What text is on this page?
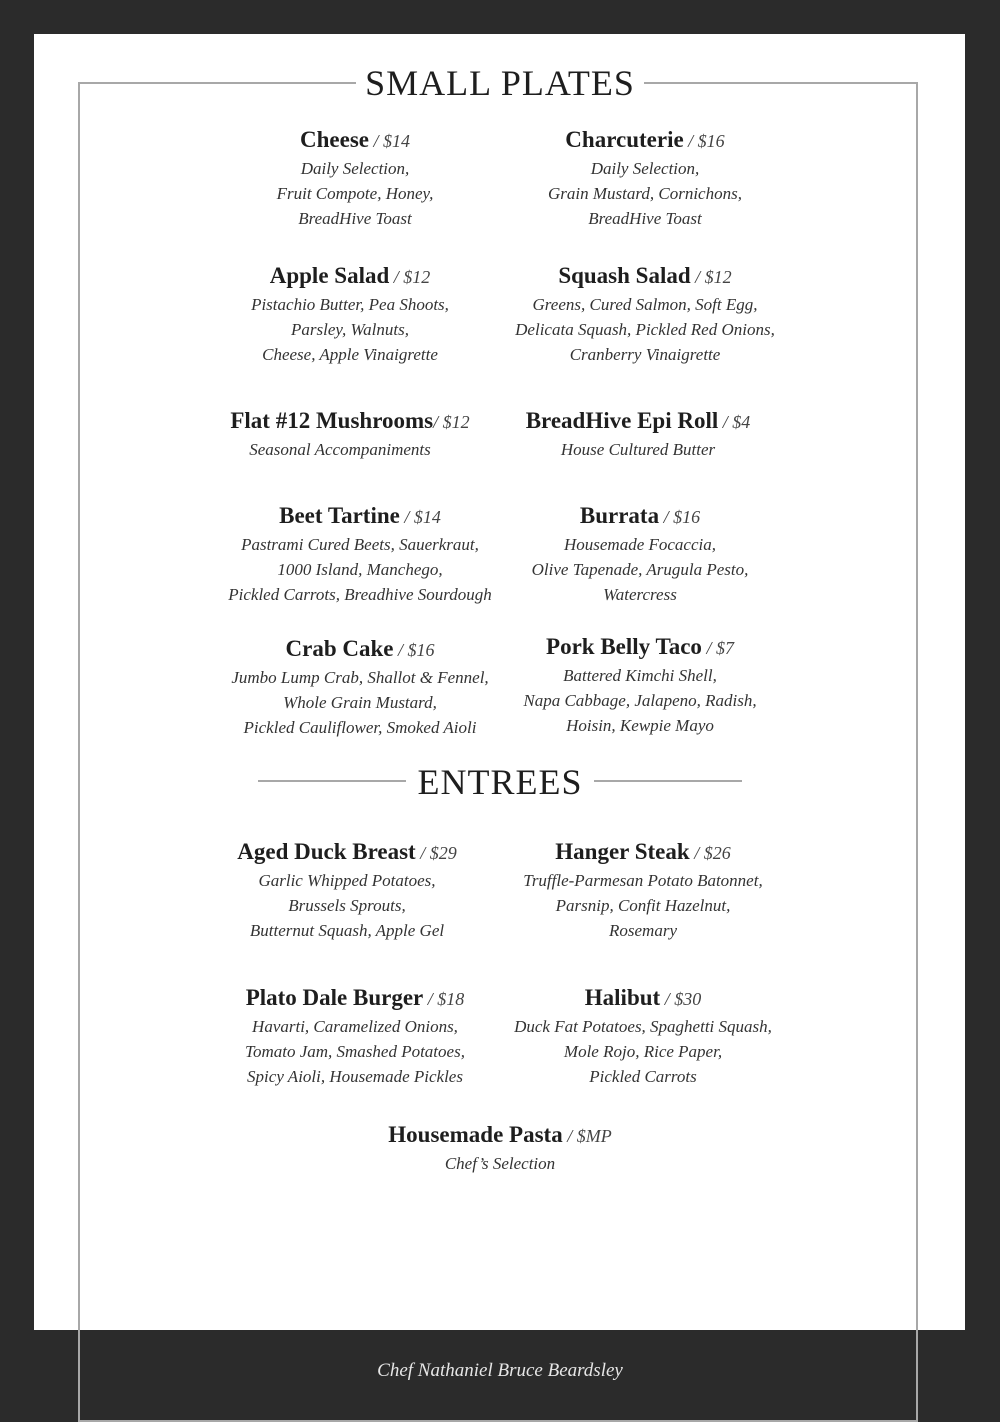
SMALL PLATES
Cheese / $14
Daily Selection,
Fruit Compote, Honey,
BreadHive Toast
Charcuterie / $16
Daily Selection,
Grain Mustard, Cornichons,
BreadHive Toast
Apple Salad / $12
Pistachio Butter, Pea Shoots,
Parsley, Walnuts,
Cheese, Apple Vinaigrette
Squash Salad / $12
Greens, Cured Salmon, Soft Egg,
Delicata Squash, Pickled Red Onions,
Cranberry Vinaigrette
Flat #12 Mushrooms/ $12
Seasonal Accompaniments
BreadHive Epi Roll / $4
House Cultured Butter
Beet Tartine / $14
Pastrami Cured Beets, Sauerkraut,
1000 Island, Manchego,
Pickled Carrots, Breadhive Sourdough
Burrata / $16
Housemade Focaccia,
Olive Tapenade, Arugula Pesto,
Watercress
Crab Cake / $16
Jumbo Lump Crab, Shallot & Fennel,
Whole Grain Mustard,
Pickled Cauliflower, Smoked Aioli
Pork Belly Taco / $7
Battered Kimchi Shell,
Napa Cabbage, Jalapeno, Radish,
Hoisin, Kewpie Mayo
ENTREES
Aged Duck Breast / $29
Garlic Whipped Potatoes,
Brussels Sprouts,
Butternut Squash, Apple Gel
Hanger Steak / $26
Truffle-Parmesan Potato Batonnet,
Parsnip, Confit Hazelnut,
Rosemary
Plato Dale Burger / $18
Havarti, Caramelized Onions,
Tomato Jam, Smashed Potatoes,
Spicy Aioli, Housemade Pickles
Halibut / $30
Duck Fat Potatoes, Spaghetti Squash,
Mole Rojo, Rice Paper,
Pickled Carrots
Housemade Pasta / $MP
Chef’s Selection
Chef Nathaniel Bruce Beardsley
